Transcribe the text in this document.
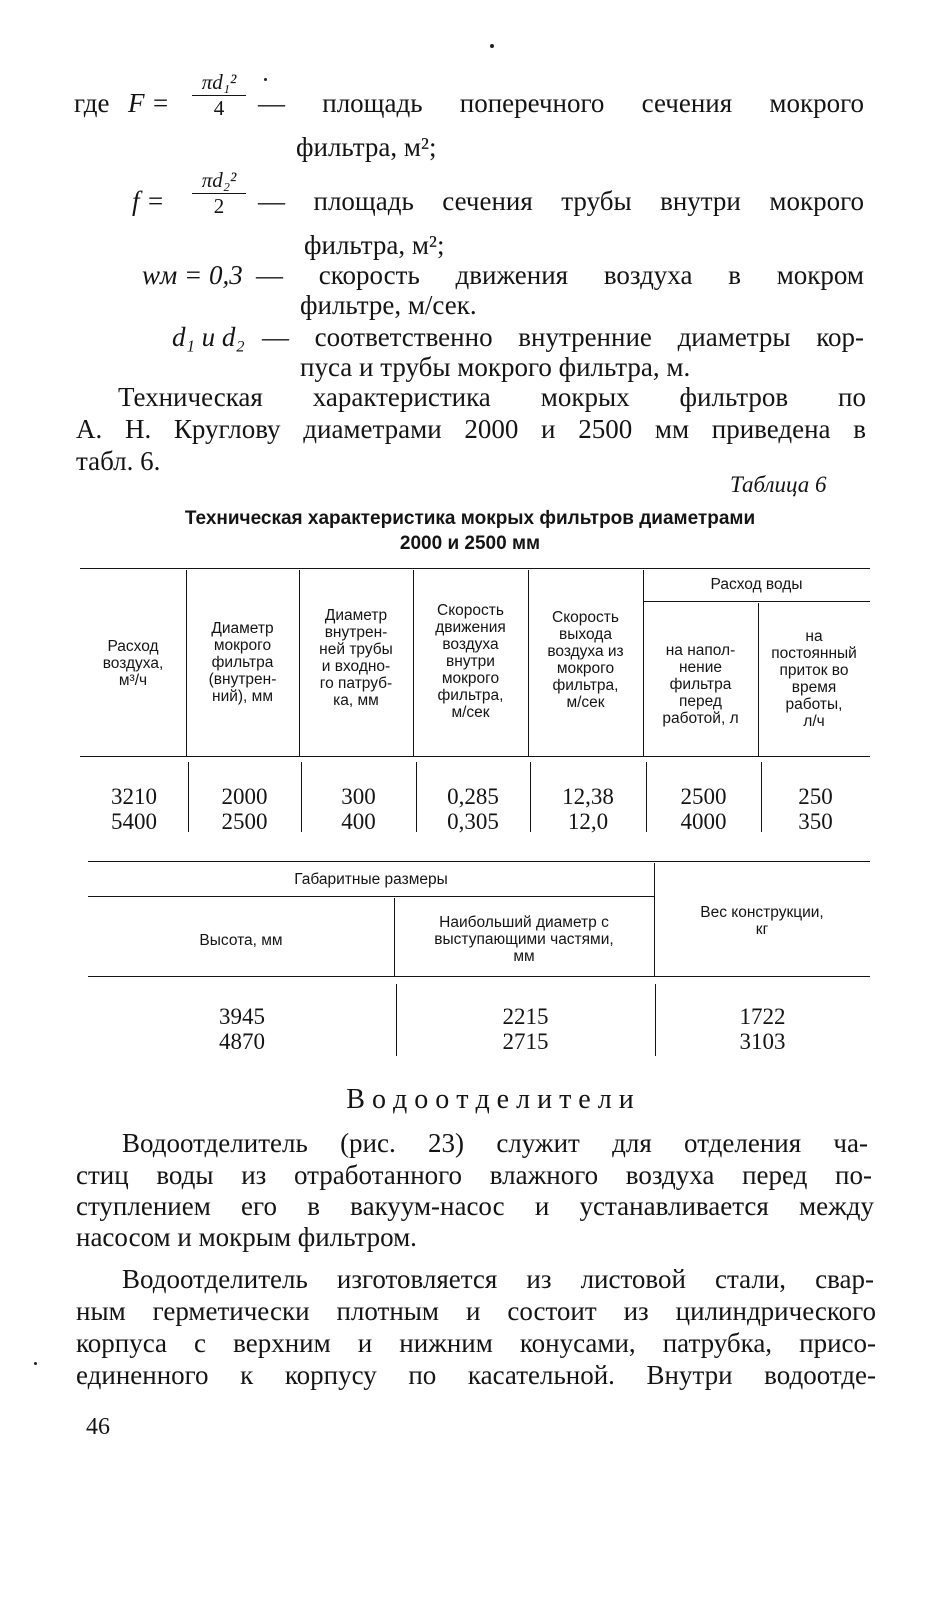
где $F = \frac{\text{πd₁²}}{4}$ — площадь поперечного сечения мокрого
фильтра, м²;
$f = \frac{\text{πd₂²}}{2}$ — площадь сечения трубы внутри мокрого
фильтра, м²;
wм = 0,3 — скорость движения воздуха в мокром
фильтре, м/сек.
d₁ и d₂ — соответственно внутренние диаметры кор-
пуса и трубы мокрого фильтра, м.
Техническая характеристика мокрых фильтров по
А. Н. Круглову диаметрами 2000 и 2500 мм приведена в
табл. 6.
Таблица 6
Техническая характеристика мокрых фильтров диаметрами
2000 и 2500 мм
Расход воды
Расход
воздуха,
м³/ч
Диаметр
мокрого
фильтра
(внутрен-
ний), мм
Диаметр
внутрен-
ней трубы
и входно-
го патруб-
ка, мм
Скорость
движения
воздуха
внутри
мокрого
фильтра,
м/сек
Скорость
выхода
воздуха из
мокрого
фильтра,
м/сек
на напол-
нение
фильтра
перед
работой, л
на
постоянный
приток во
время
работы,
л/ч
3210
5400
2000
2500
300
400
0,285
0,305
12,38
12,0
2500
4000
250
350
Габаритные размеры
Высота, мм
Наибольший диаметр с
выступающими частями,
мм
Вес конструкции,
кг
3945
4870
2215
2715
1722
3103
В о д о о т д е л и т е л и
Водоотделитель (рис. 23) служит для отделения ча-
стиц воды из отработанного влажного воздуха перед по-
ступлением его в вакуум-насос и устанавливается между
насосом и мокрым фильтром.
Водоотделитель изготовляется из листовой стали, свар-
ным герметически плотным и состоит из цилиндрического
корпуса с верхним и нижним конусами, патрубка, присо-
единенного к корпусу по касательной. Внутри водоотде-
46
